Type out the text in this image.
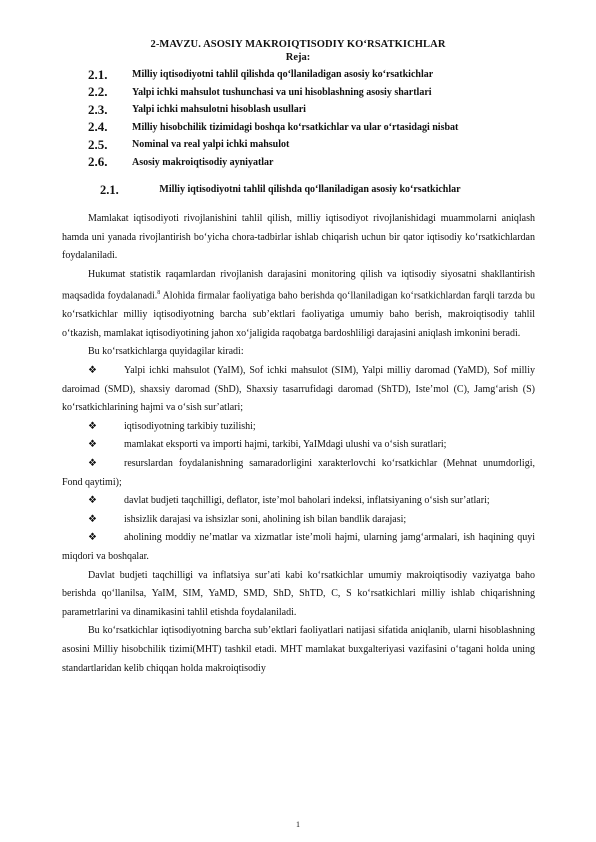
2-MAVZU. ASOSIY MAKROIQTISODIY KOʻRSATKICHLAR
Reja:
2.1.	Milliy iqtisodiyotni tahlil qilishda qoʻllaniladigan asosiy koʻrsatkichlar
2.2.	Yalpi ichki mahsulot tushunchasi va uni hisoblashning asosiy shartlari
2.3.	Yalpi ichki mahsulotni hisoblash usullari
2.4.	Milliy hisobchilik tizimidagi boshqa koʻrsatkichlar va ular oʻrtasidagi nisbat
2.5.	Nominal va real yalpi ichki mahsulot
2.6.	Asosiy makroiqtisodiy ayniyatlar
2.1.	Milliy iqtisodiyotni tahlil qilishda qoʻllaniladigan asosiy koʻrsatkichlar

Mamlakat iqtisodiyoti rivojlanishini tahlil qilish, milliy iqtisodiyot rivojlanishidagi muammolarni aniqlash hamda uni yanada rivojlantirish boʻyicha chora-tadbirlar ishlab chiqarish uchun bir qator iqtisodiy koʻrsatkichlardan foydalaniladi.

Hukumat statistik raqamlardan rivojlanish darajasini monitoring qilish va iqtisodiy siyosatni shakllantirish maqsadida foydalanadi.$^8$ Alohida firmalar faoliyatiga baho berishda qoʻllaniladigan koʻrsatkichlardan farqli tarzda bu koʻrsatkichlar milliy iqtisodiyotning barcha subʼektlari faoliyatiga umumiy baho berish, makroiqtisodiy tahlil oʻtkazish, mamlakat iqtisodiyotining jahon xoʻjaligida raqobatga bardoshliligi darajasini aniqlash imkonini beradi.

Bu koʻrsatkichlarga quyidagilar kiradi:

❖	Yalpi ichki mahsulot (YaIM), Sof ichki mahsulot (SIM), Yalpi milliy daromad (YaMD), Sof milliy daroimad (SMD), shaxsiy daromad (ShD), Shaxsiy tasarrufidagi daromad (ShTD), Isteʼmol (C), Jamgʻarish (S) koʻrsatkichlarining hajmi va oʻsish surʼatlari;

❖	iqtisodiyotning tarkibiy tuzilishi;

❖	mamlakat eksporti va importi hajmi, tarkibi, YaIMdagi ulushi va oʻsish suratlari;

❖	resurslardan foydalanishning samaradorligini xarakterlovchi koʻrsatkichlar (Mehnat unumdorligi, Fond qaytimi);

❖	davlat budjeti taqchilligi, deflator, isteʼmol baholari indeksi, inflatsiyaning oʻsish surʼatlari;

❖	ishsizlik darajasi va ishsizlar soni, aholining ish bilan bandlik darajasi;

❖	aholining moddiy neʼmatlar va xizmatlar isteʼmoli hajmi, ularning jamgʻarmalari, ish haqining quyi miqdori va boshqalar.

Davlat budjeti taqchilligi va inflatsiya surʼati kabi koʻrsatkichlar umumiy makroiqtisodiy vaziyatga baho berishda qoʻllanilsa, YaIM, SIM, YaMD, SMD, ShD, ShTD, C, S koʻrsatkichlari milliy ishlab chiqarishning parametrlarini va dinamikasini tahlil etishda foydalaniladi.

Bu koʻrsatkichlar iqtisodiyotning barcha subʼektlari faoliyatlari natijasi sifatida aniqlanib, ularni hisoblashning asosini Milliy hisobchilik tizimi(MHT) tashkil etadi. MHT mamlakat buxgalteriyasi vazifasini oʻtagani holda uning standartlaridan kelib chiqqan holda makroiqtisodiy

1
